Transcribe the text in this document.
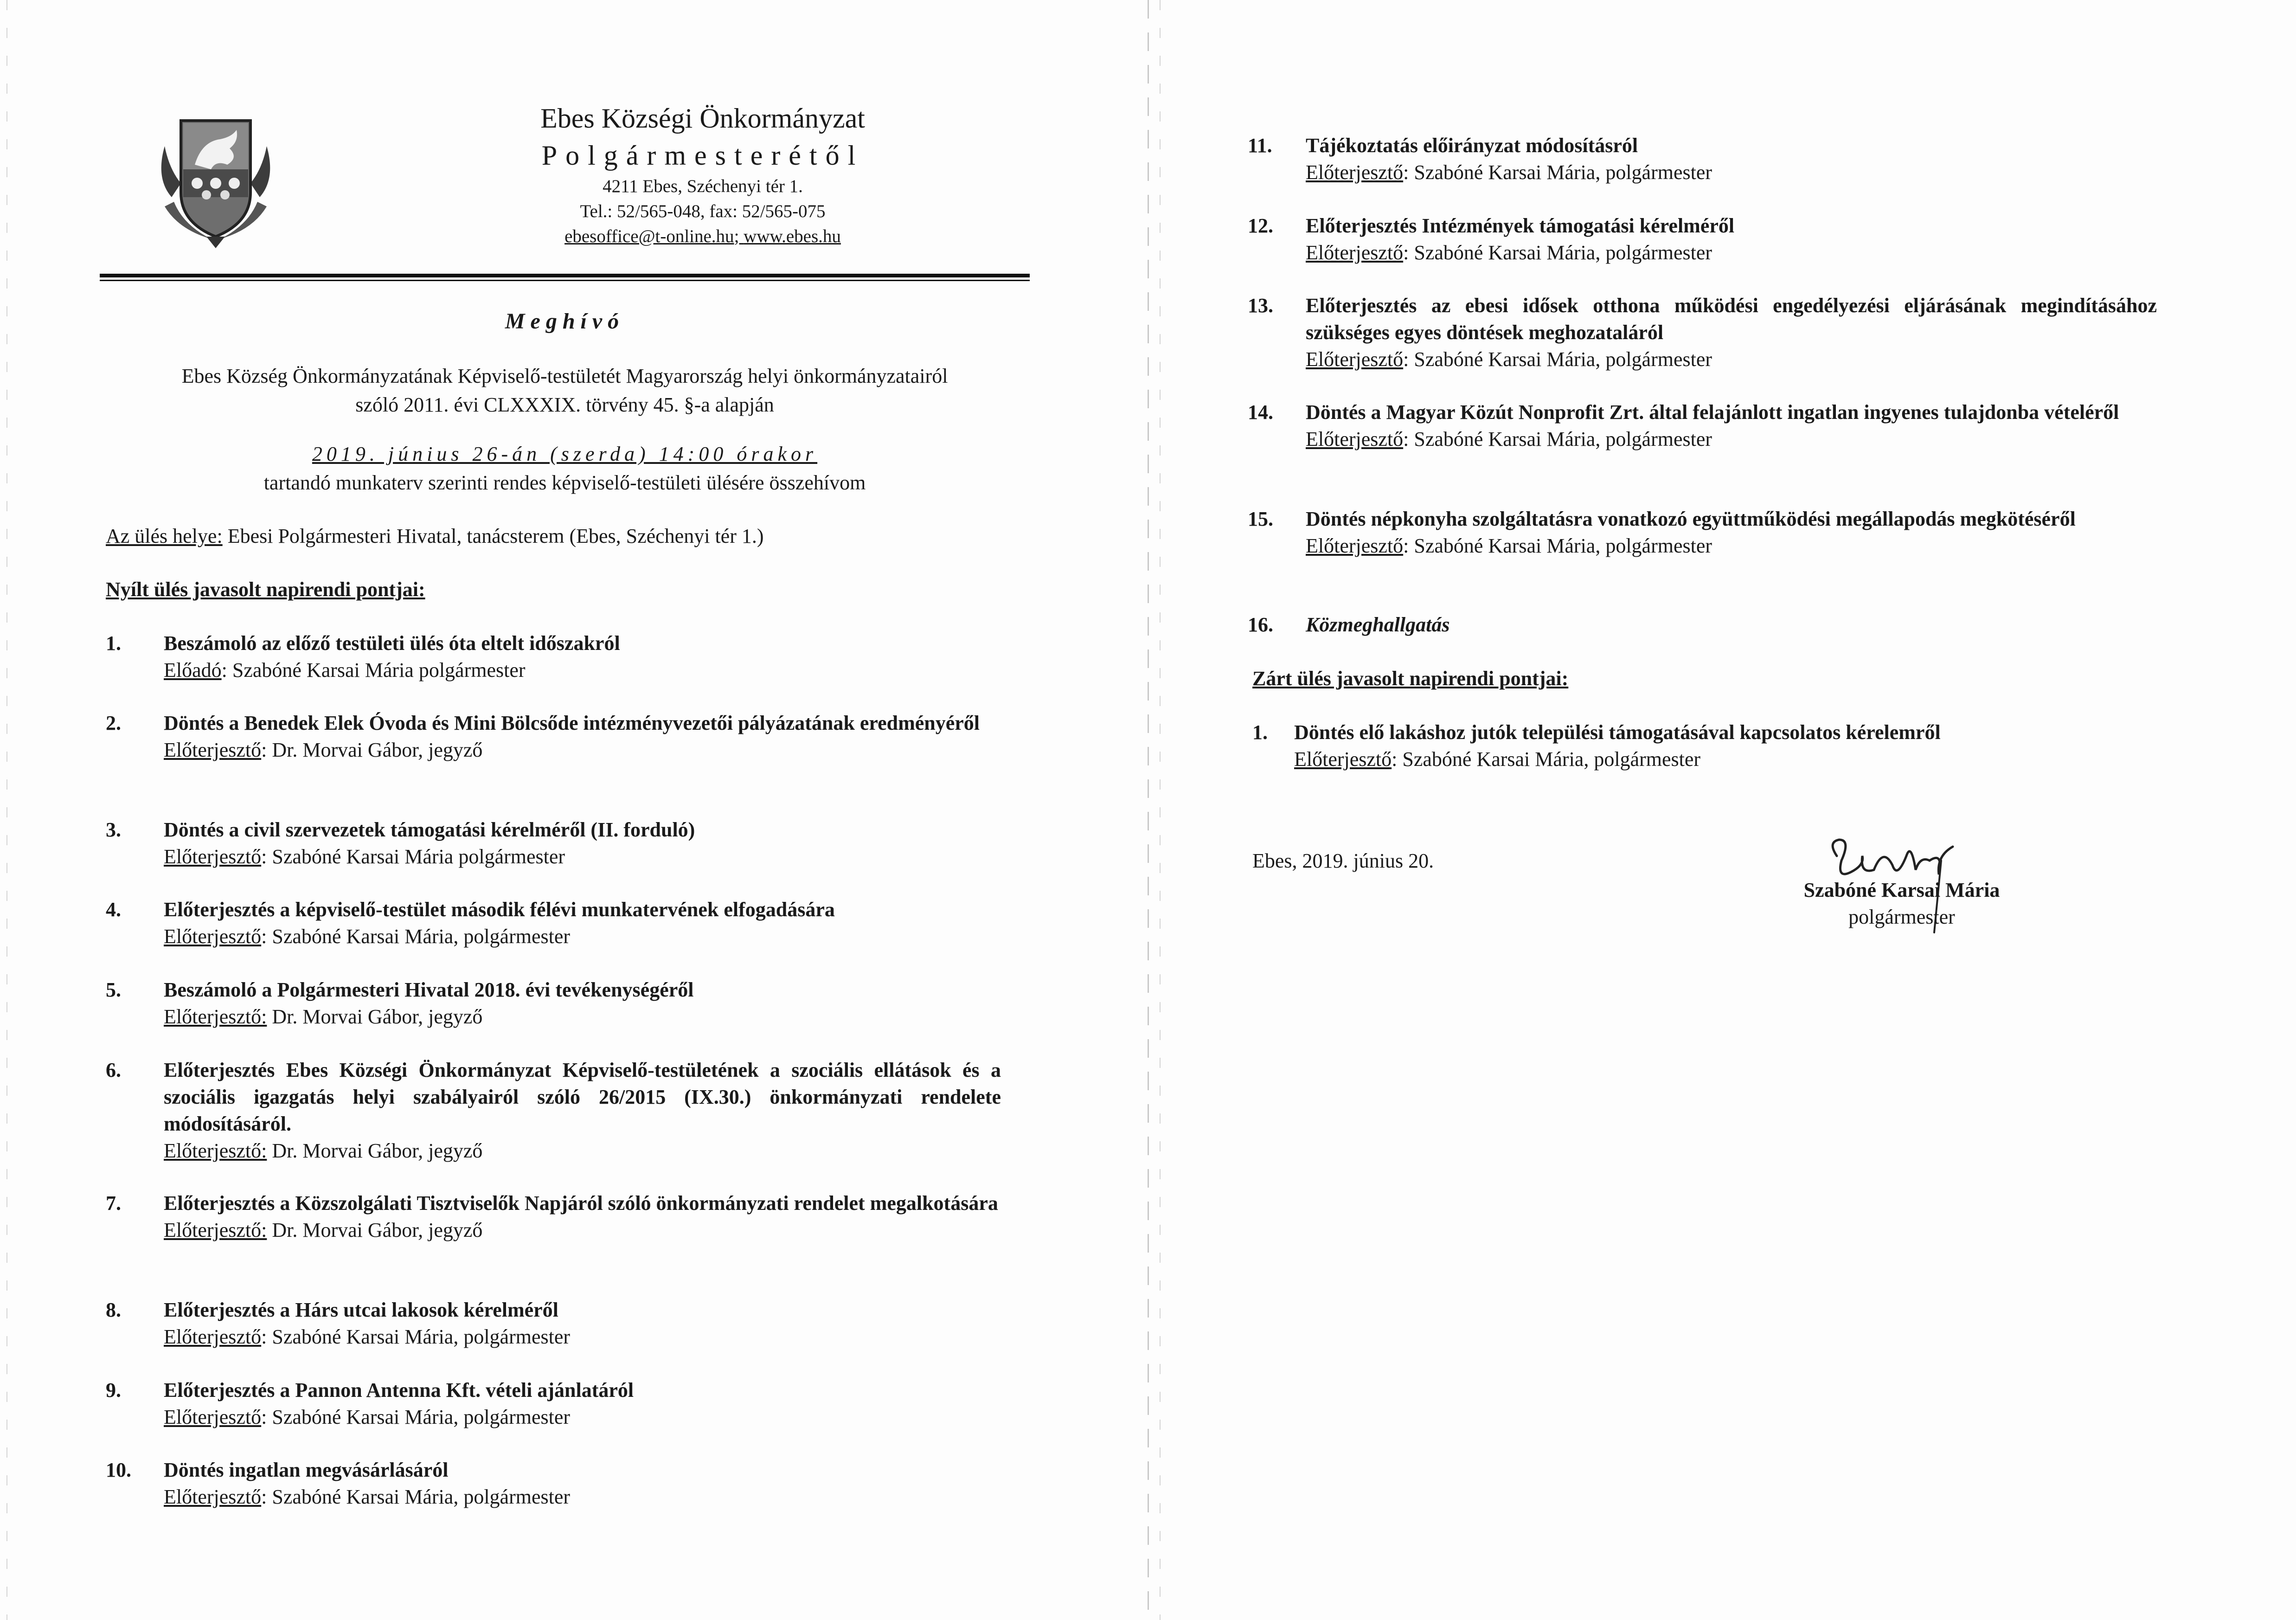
Ebes Községi Önkormányzat
Polgármesterétől
4211 Ebes, Széchenyi tér 1.
Tel.: 52/565-048, fax: 52/565-075
ebesoffice@t-online.hu; www.ebes.hu
Meghívó
Ebes Község Önkormányzatának Képviselő-testületét Magyarország helyi önkormányzatairól
szóló 2011. évi CLXXXIX. törvény 45. §-a alapján
2019. június 26-án (szerda) 14:00 órakor
tartandó munkaterv szerinti rendes képviselő-testületi ülésére összehívom
Az ülés helye: Ebesi Polgármesteri Hivatal, tanácsterem (Ebes, Széchenyi tér 1.)
Nyílt ülés javasolt napirendi pontjai:
1. Beszámoló az előző testületi ülés óta eltelt időszakról
Előadó: Szabóné Karsai Mária polgármester
2. Döntés a Benedek Elek Óvoda és Mini Bölcsőde intézményvezetői pályázatának eredményéről
Előterjesztő: Dr. Morvai Gábor, jegyző
3. Döntés a civil szervezetek támogatási kérelméről (II. forduló)
Előterjesztő: Szabóné Karsai Mária polgármester
4. Előterjesztés a képviselő-testület második félévi munkatervének elfogadására
Előterjesztő: Szabóné Karsai Mária, polgármester
5. Beszámoló a Polgármesteri Hivatal 2018. évi tevékenységéről
Előterjesztő: Dr. Morvai Gábor, jegyző
6. Előterjesztés Ebes Községi Önkormányzat Képviselő-testületének a szociális ellátások és a szociális igazgatás helyi szabályairól szóló 26/2015 (IX.30.) önkormányzati rendelete módosításáról.
Előterjesztő: Dr. Morvai Gábor, jegyző
7. Előterjesztés a Közszolgálati Tisztviselők Napjáról szóló önkormányzati rendelet megalkotására
Előterjesztő: Dr. Morvai Gábor, jegyző
8. Előterjesztés a Hárs utcai lakosok kérelméről
Előterjesztő: Szabóné Karsai Mária, polgármester
9. Előterjesztés a Pannon Antenna Kft. vételi ajánlatáról
Előterjesztő: Szabóné Karsai Mária, polgármester
10. Döntés ingatlan megvásárlásáról
Előterjesztő: Szabóné Karsai Mária, polgármester
11. Tájékoztatás előirányzat módosításról
Előterjesztő: Szabóné Karsai Mária, polgármester
12. Előterjesztés Intézmények támogatási kérelméről
Előterjesztő: Szabóné Karsai Mária, polgármester
13. Előterjesztés az ebesi idősek otthona működési engedélyezési eljárásának megindításához szükséges egyes döntések meghozataláról
Előterjesztő: Szabóné Karsai Mária, polgármester
14. Döntés a Magyar Közút Nonprofit Zrt. által felajánlott ingatlan ingyenes tulajdonba vételéről
Előterjesztő: Szabóné Karsai Mária, polgármester
15. Döntés népkonyha szolgáltatásra vonatkozó együttműködési megállapodás megkötéséről
Előterjesztő: Szabóné Karsai Mária, polgármester
16. Közmeghallgatás
Zárt ülés javasolt napirendi pontjai:
1. Döntés elő lakáshoz jutók települési támogatásával kapcsolatos kérelemről
Előterjesztő: Szabóné Karsai Mária, polgármester
Ebes, 2019. június 20.
Szabóné Karsai Mária
polgármester
